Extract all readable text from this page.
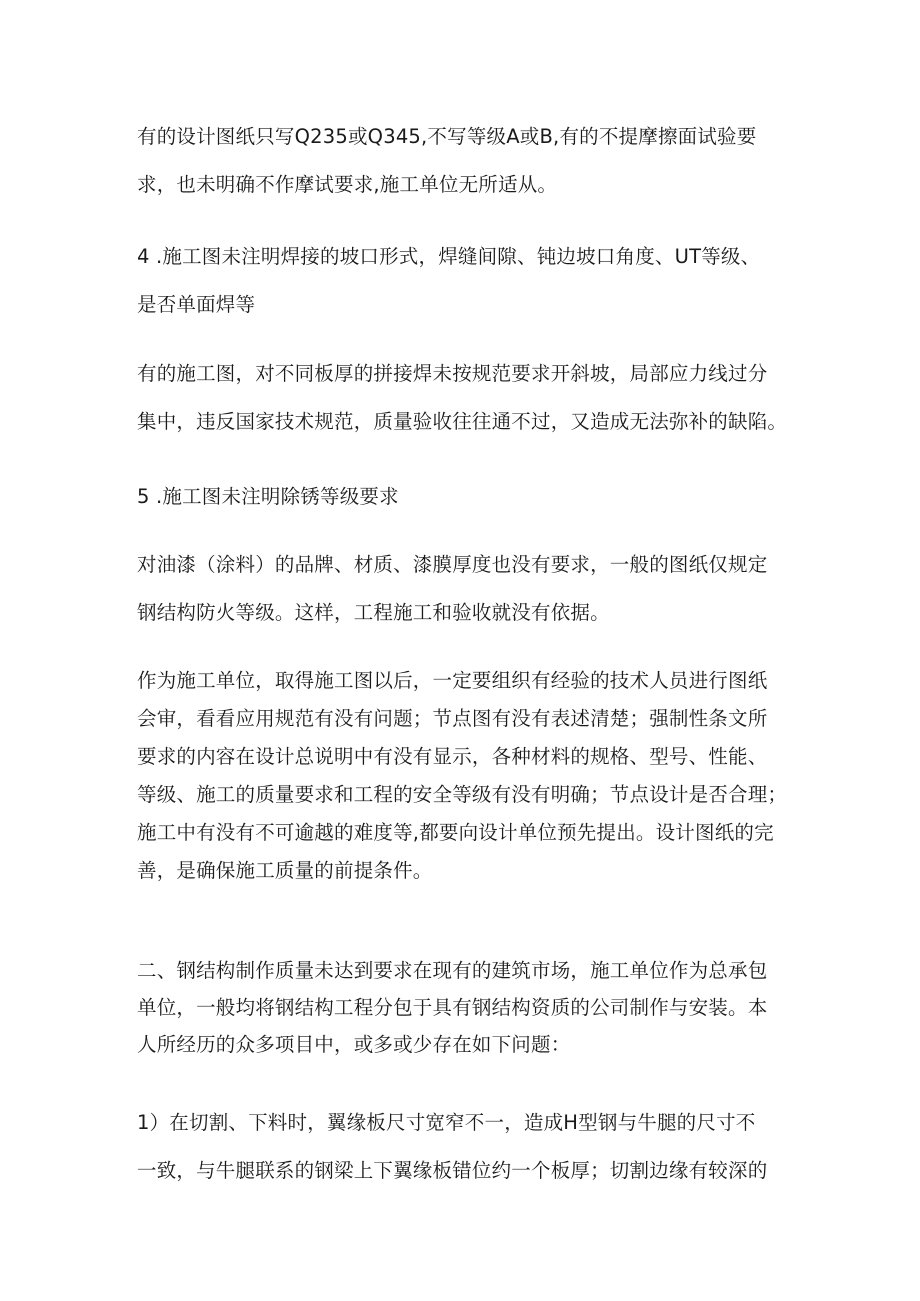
有的设计图纸只写Q235或Q345,不写等级A或B,有的不提摩擦面试验要
求，也未明确不作摩试要求,施工单位无所适从。

4 .施工图未注明焊接的坡口形式，焊缝间隙、钝边坡口角度、UT等级、
是否单面焊等

有的施工图，对不同板厚的拼接焊未按规范要求开斜坡，局部应力线过分
集中，违反国家技术规范，质量验收往往通不过，又造成无法弥补的缺陷。

5 .施工图未注明除锈等级要求

对油漆（涂料）的品牌、材质、漆膜厚度也没有要求，一般的图纸仅规定
钢结构防火等级。这样，工程施工和验收就没有依据。

作为施工单位，取得施工图以后，一定要组织有经验的技术人员进行图纸
会审，看看应用规范有没有问题；节点图有没有表述清楚；强制性条文所
要求的内容在设计总说明中有没有显示，各种材料的规格、型号、性能、
等级、施工的质量要求和工程的安全等级有没有明确；节点设计是否合理；
施工中有没有不可逾越的难度等,都要向设计单位预先提出。设计图纸的完
善，是确保施工质量的前提条件。

二、钢结构制作质量未达到要求在现有的建筑市场，施工单位作为总承包
单位，一般均将钢结构工程分包于具有钢结构资质的公司制作与安装。本
人所经历的众多项目中，或多或少存在如下问题：

1）在切割、下料时，翼缘板尺寸宽窄不一，造成H型钢与牛腿的尺寸不
一致，与牛腿联系的钢梁上下翼缘板错位约一个板厚；切割边缘有较深的
